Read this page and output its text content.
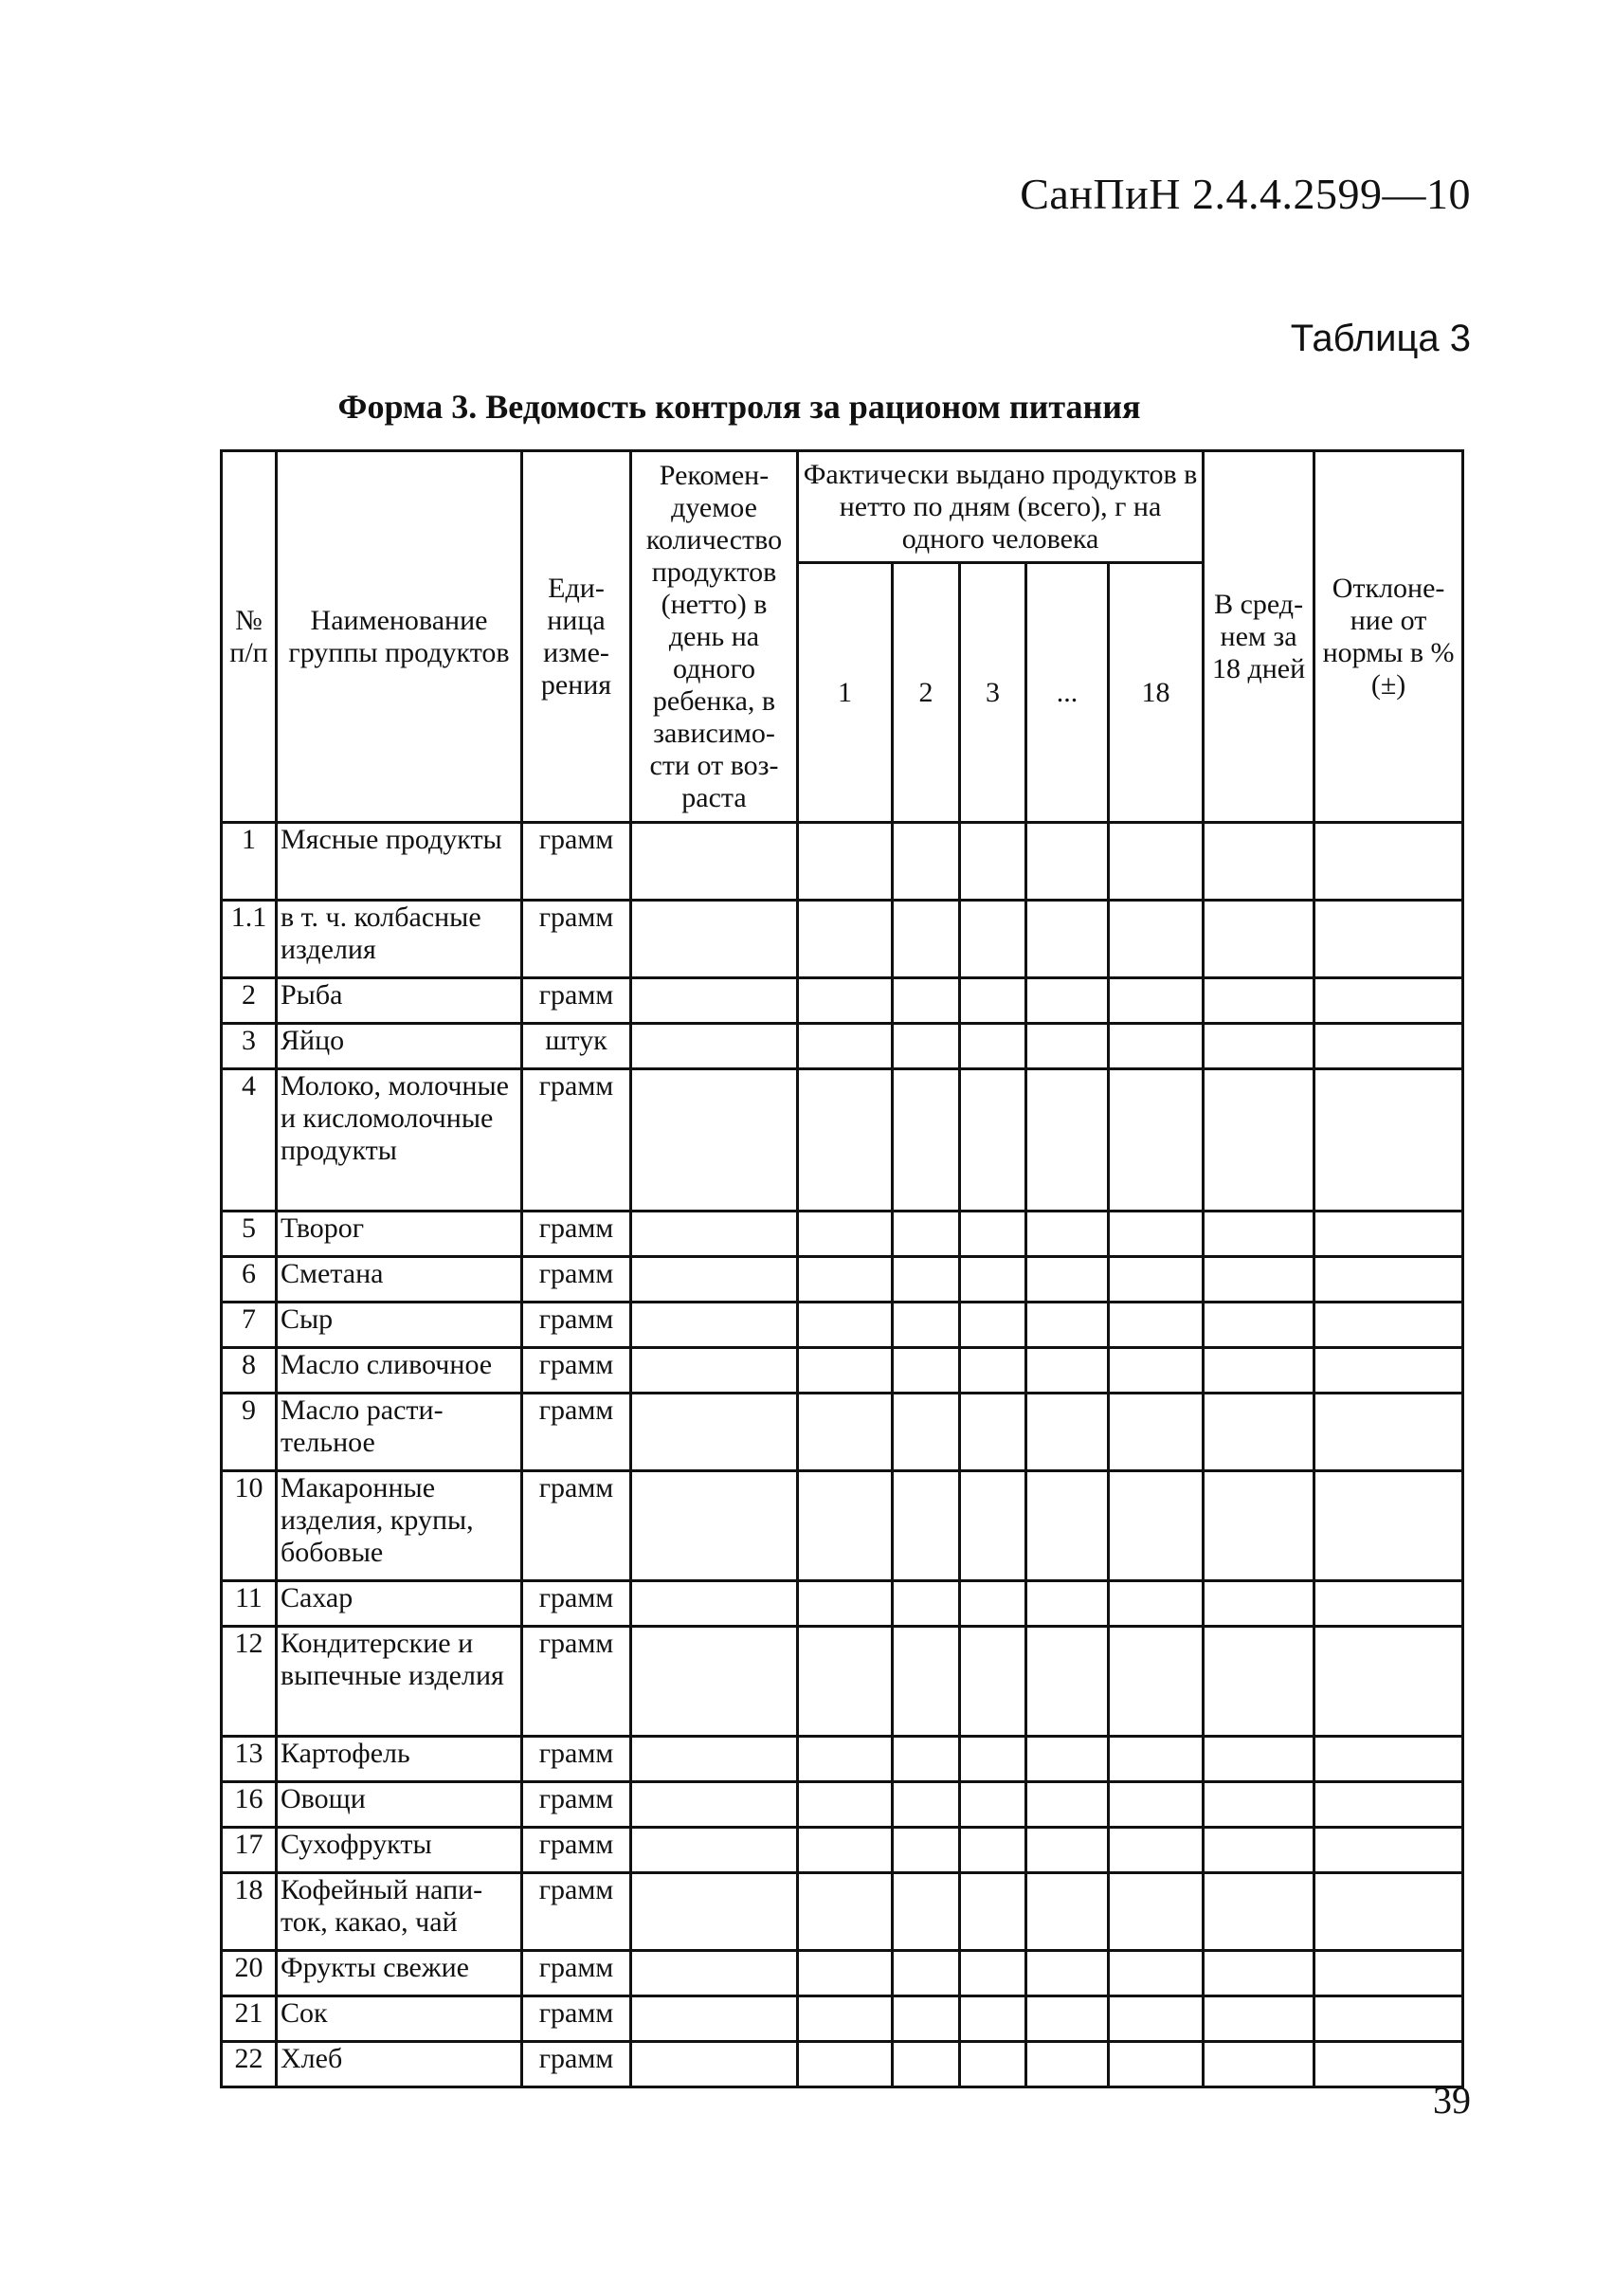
СанПиН 2.4.4.2599—10
Таблица 3
Форма 3. Ведомость контроля за рационом питания
№ п/п	Наименование группы продуктов	Еди-ница изме-рения	Рекомен-дуемое количество продуктов (нетто) в день на одного ребенка, в зависимо-сти от воз-раста	Фактически выдано продуктов в нетто по дням (всего), г на одного человека					В сред-нем за 18 дней	Отклоне-ние от нормы в % (±)
				1	2	3	...	18		
1	Мясные продукты	грамм								
1.1	в т. ч. колбасные изделия	грамм								
2	Рыба	грамм								
3	Яйцо	штук								
4	Молоко, молочные и кисломолочные продукты	грамм								
5	Творог	грамм								
6	Сметана	грамм								
7	Сыр	грамм								
8	Масло сливочное	грамм								
9	Масло расти-тельное	грамм								
10	Макаронные изделия, крупы, бобовые	грамм								
11	Сахар	грамм								
12	Кондитерские и выпечные изделия	грамм								
13	Картофель	грамм								
16	Овощи	грамм								
17	Сухофрукты	грамм								
18	Кофейный напи-ток, какао, чай	грамм								
20	Фрукты свежие	грамм								
21	Сок	грамм								
22	Хлеб	грамм								
39
